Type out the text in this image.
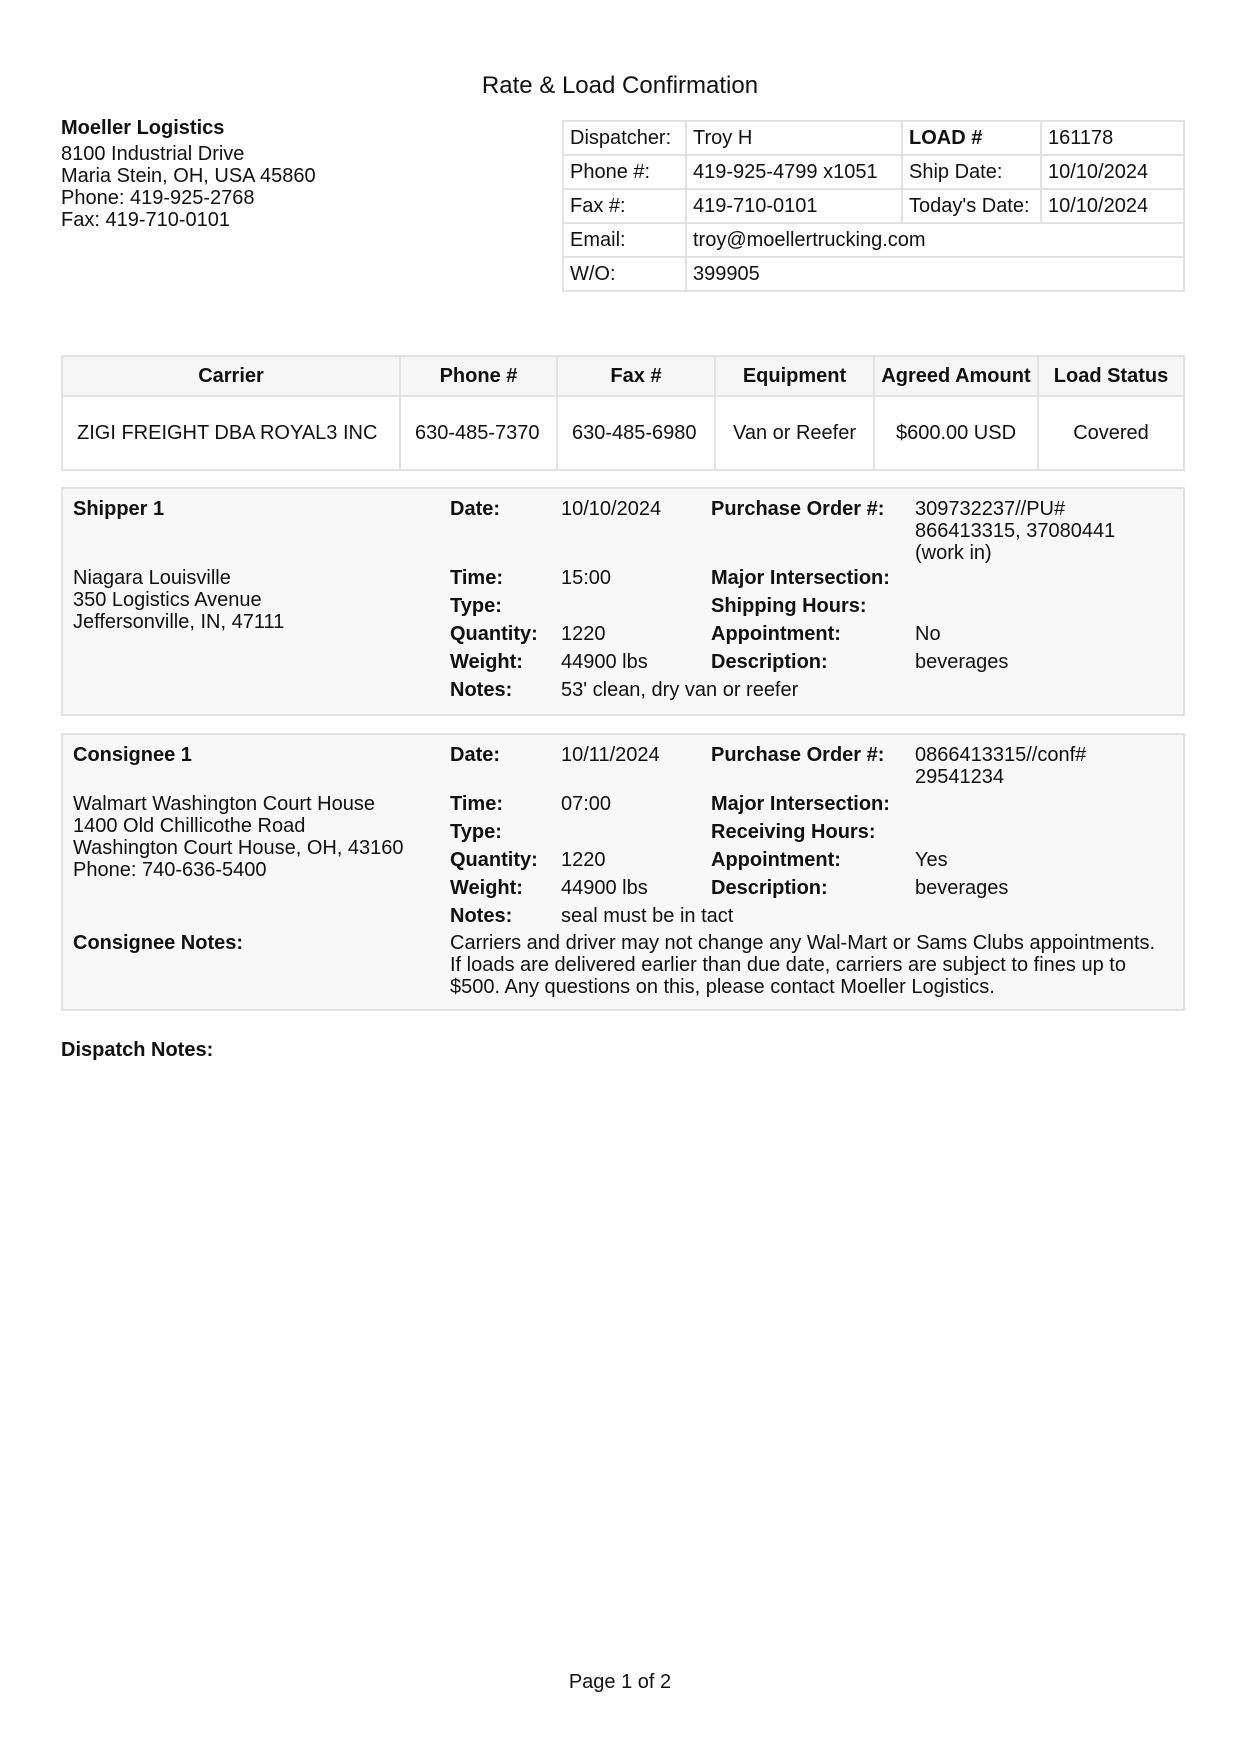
Rate & Load Confirmation
Moeller Logistics
8100 Industrial Drive
Maria Stein, OH, USA 45860
Phone: 419-925-2768
Fax: 419-710-0101
Dispatcher:	Troy H	LOAD #	161178
Phone #:	419-925-4799 x1051	Ship Date:	10/10/2024
Fax #:	419-710-0101	Today's Date:	10/10/2024
Email:	troy@moellertrucking.com		
W/O:	399905		
Carrier	Phone #	Fax #	Equipment	Agreed Amount	Load Status
ZIGI FREIGHT DBA ROYAL3 INC	630-485-7370	630-485-6980	Van or Reefer	$600.00 USD	Covered
Shipper 1
Niagara Louisville
350 Logistics Avenue
Jeffersonville, IN, 47111
Date:	10/10/2024 Purchase Order #: 309732237//PU#
866413315, 37080441
(work in)
Time:	15:00	Major Intersection:
Type:	Shipping Hours:
Quantity: 1220	Appointment:	No
Weight: 44900 lbs	Description:	beverages
Notes: 53' clean, dry van or reefer
Consignee 1
Walmart Washington Court House
1400 Old Chillicothe Road
Washington Court House, OH, 43160
Phone: 740-636-5400
Date:	10/11/2024	Purchase Order #: 0866413315//conf#
29541234
Time:	07:00	Major Intersection:
Type:	Receiving Hours:
Quantity: 1220	Appointment:	Yes
Weight: 44900 lbs	Description:	beverages
Notes: seal must be in tact
Consignee Notes:	Carriers and driver may not change any Wal-Mart or Sams Clubs appointments.
If loads are delivered earlier than due date, carriers are subject to fines up to
$500. Any questions on this, please contact Moeller Logistics.
Dispatch Notes:
Page 1 of 2
